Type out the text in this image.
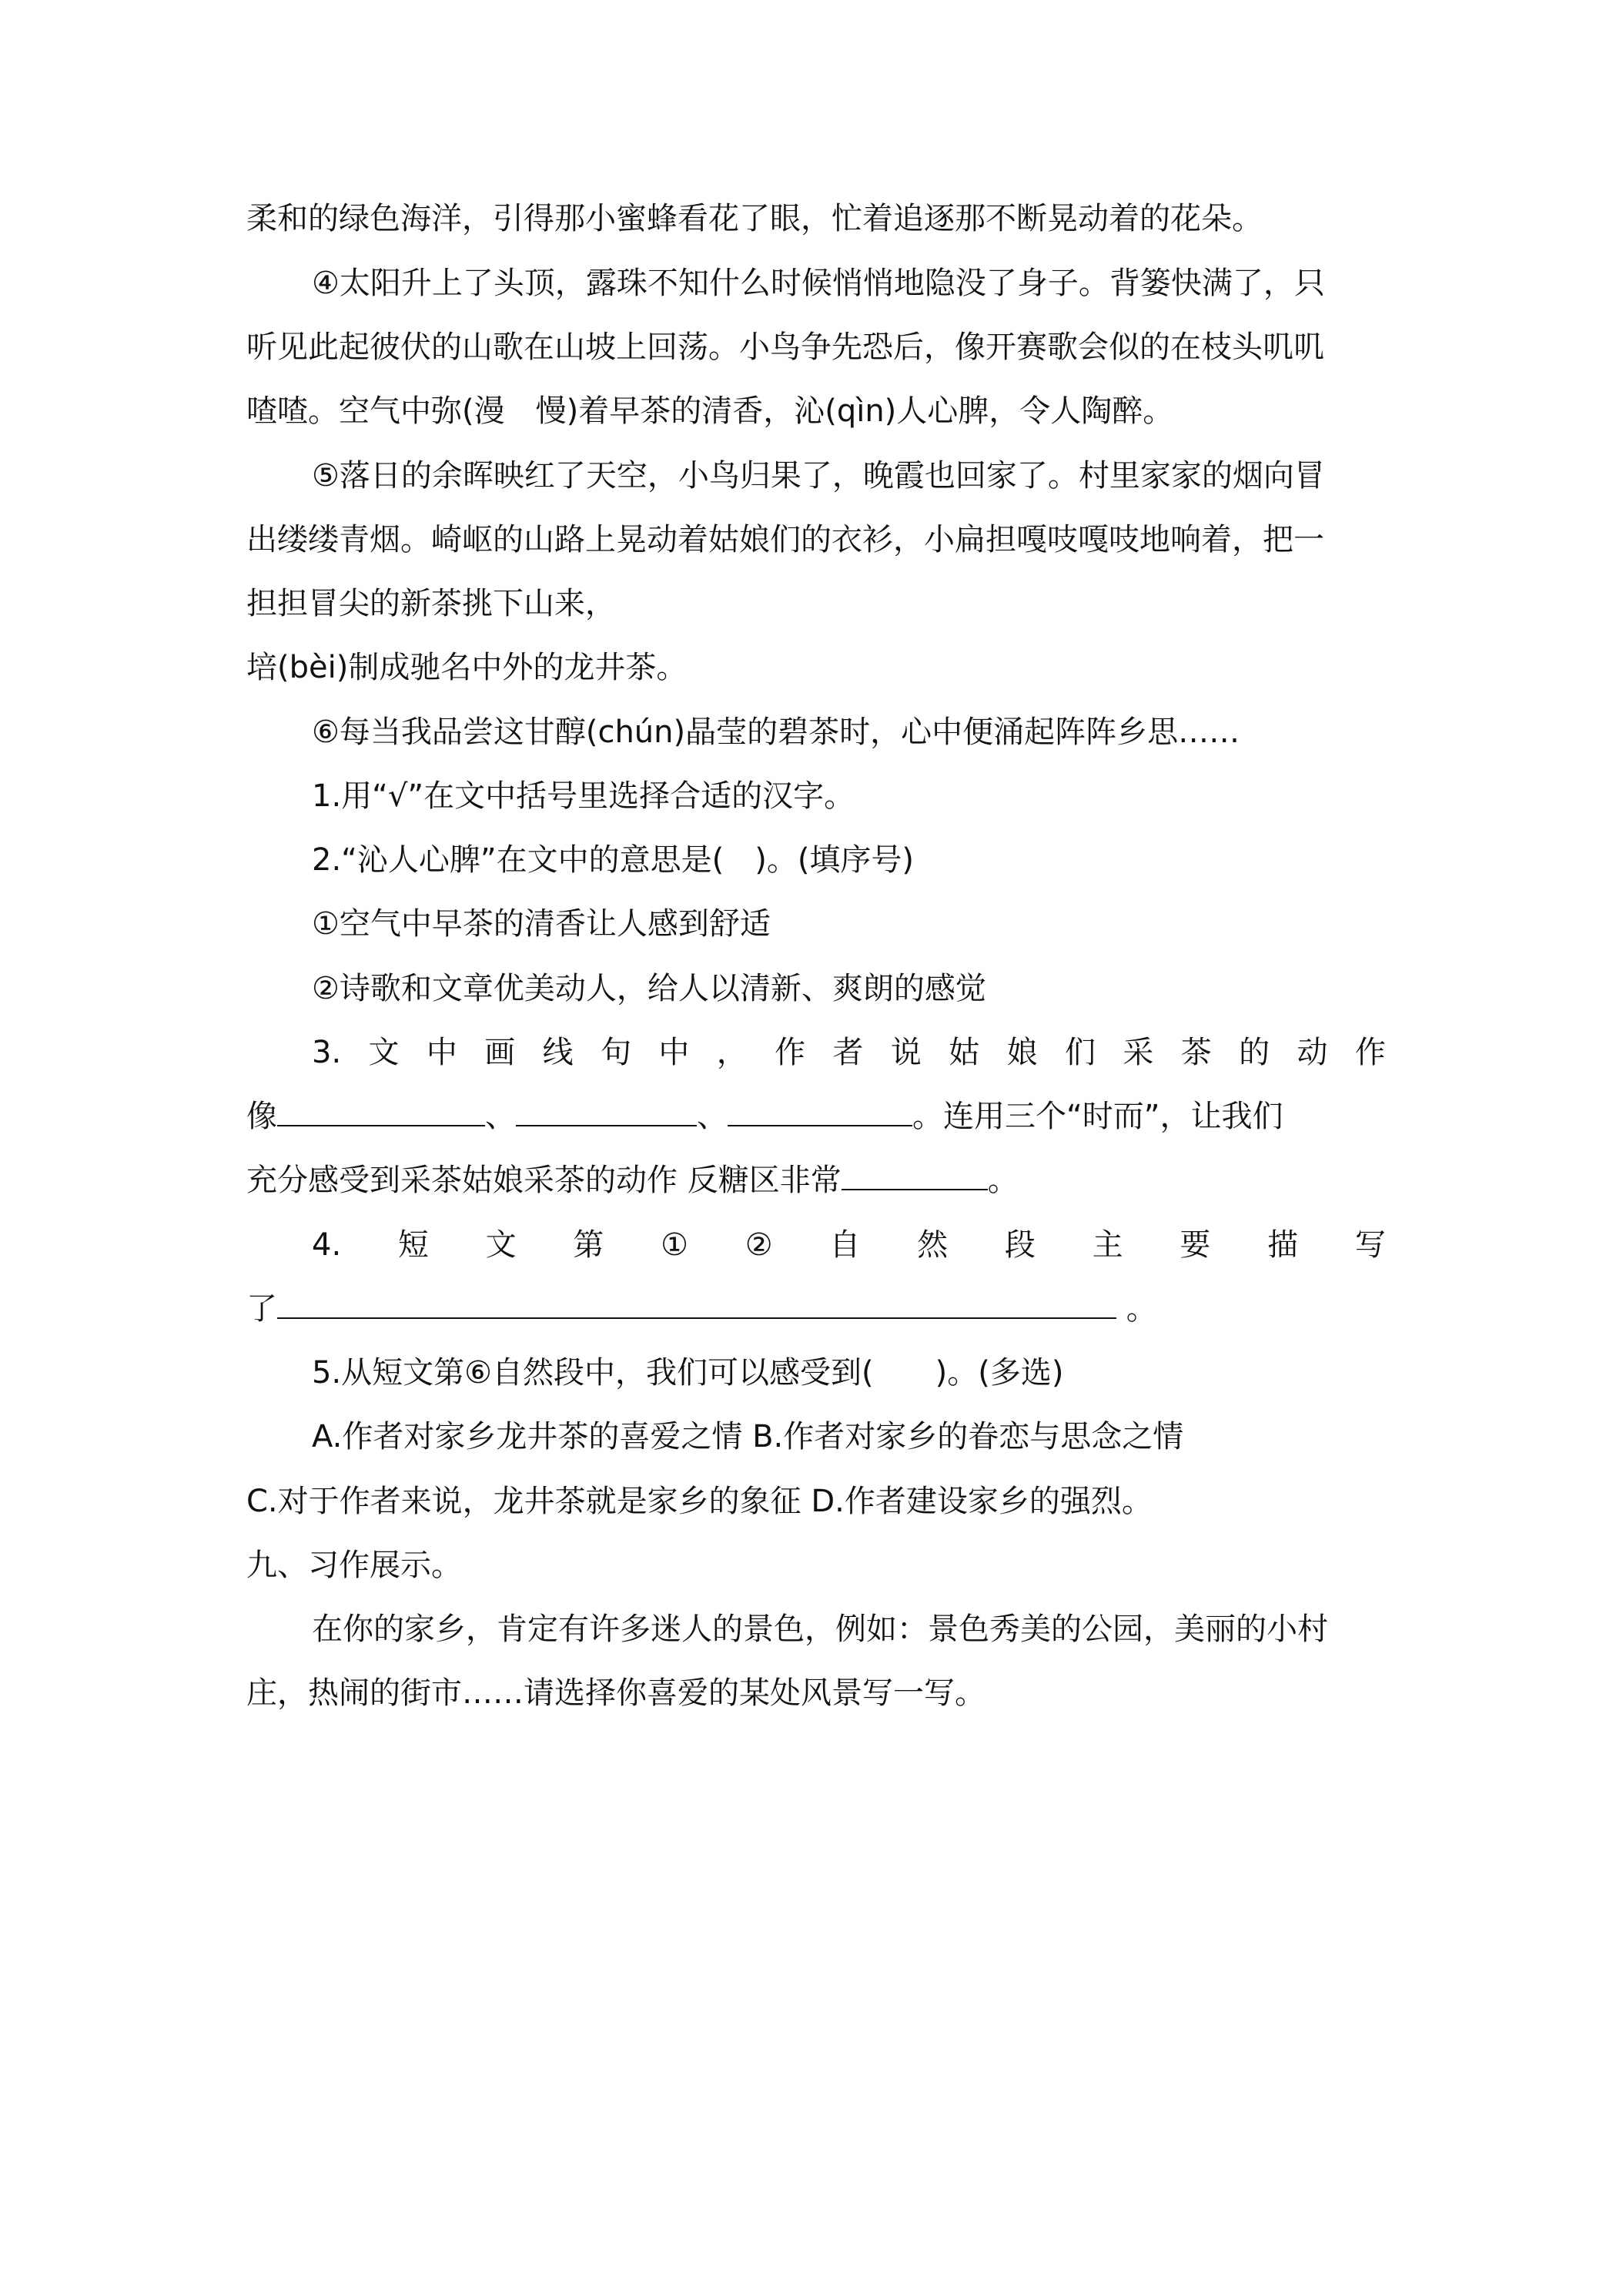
柔和的绿色海洋，引得那小蜜蜂看花了眼，忙着追逐那不断晃动着的花朵。
④太阳升上了头顶，露珠不知什么时候悄悄地隐没了身子。背篓快满了，只
听见此起彼伏的山歌在山坡上回荡。小鸟争先恐后，像开赛歌会似的在枝头叽叽
喳喳。空气中弥(漫　慢)着早茶的清香，沁(qìn)人心脾，令人陶醉。
⑤落日的余晖映红了天空，小鸟归果了，晚霞也回家了。村里家家的烟向冒
出缕缕青烟。崎岖的山路上晃动着姑娘们的衣衫，小扁担嘎吱嘎吱地响着，把一
担担冒尖的新茶挑下山来，
培(bèi)制成驰名中外的龙井茶。
⑥每当我品尝这甘醇(chún)晶莹的碧茶时，心中便涌起阵阵乡思……
1.用“√”在文中括号里选择合适的汉字。
2.“沁人心脾”在文中的意思是(　)。(填序号)
①空气中早茶的清香让人感到舒适
②诗歌和文章优美动人，给人以清新、爽朗的感觉
3. 文 中 画 线 句 中 ， 作 者 说 姑 娘 们 采 茶 的 动 作
像	、	、	。连用三个“时而”，让我们
充分感受到采茶姑娘采茶的动作 反糖区非常	。
4. 短 文 第 ① ② 自 然 段 主 要 描 写
了	。
5.从短文第⑥自然段中，我们可以感受到(　　)。(多选)
A.作者对家乡龙井茶的喜爱之情 B.作者对家乡的眷恋与思念之情
C.对于作者来说，龙井茶就是家乡的象征 D.作者建设家乡的强烈。
九、习作展示。
在你的家乡，肯定有许多迷人的景色，例如：景色秀美的公园，美丽的小村
庄，热闹的街市……请选择你喜爱的某处风景写一写。
